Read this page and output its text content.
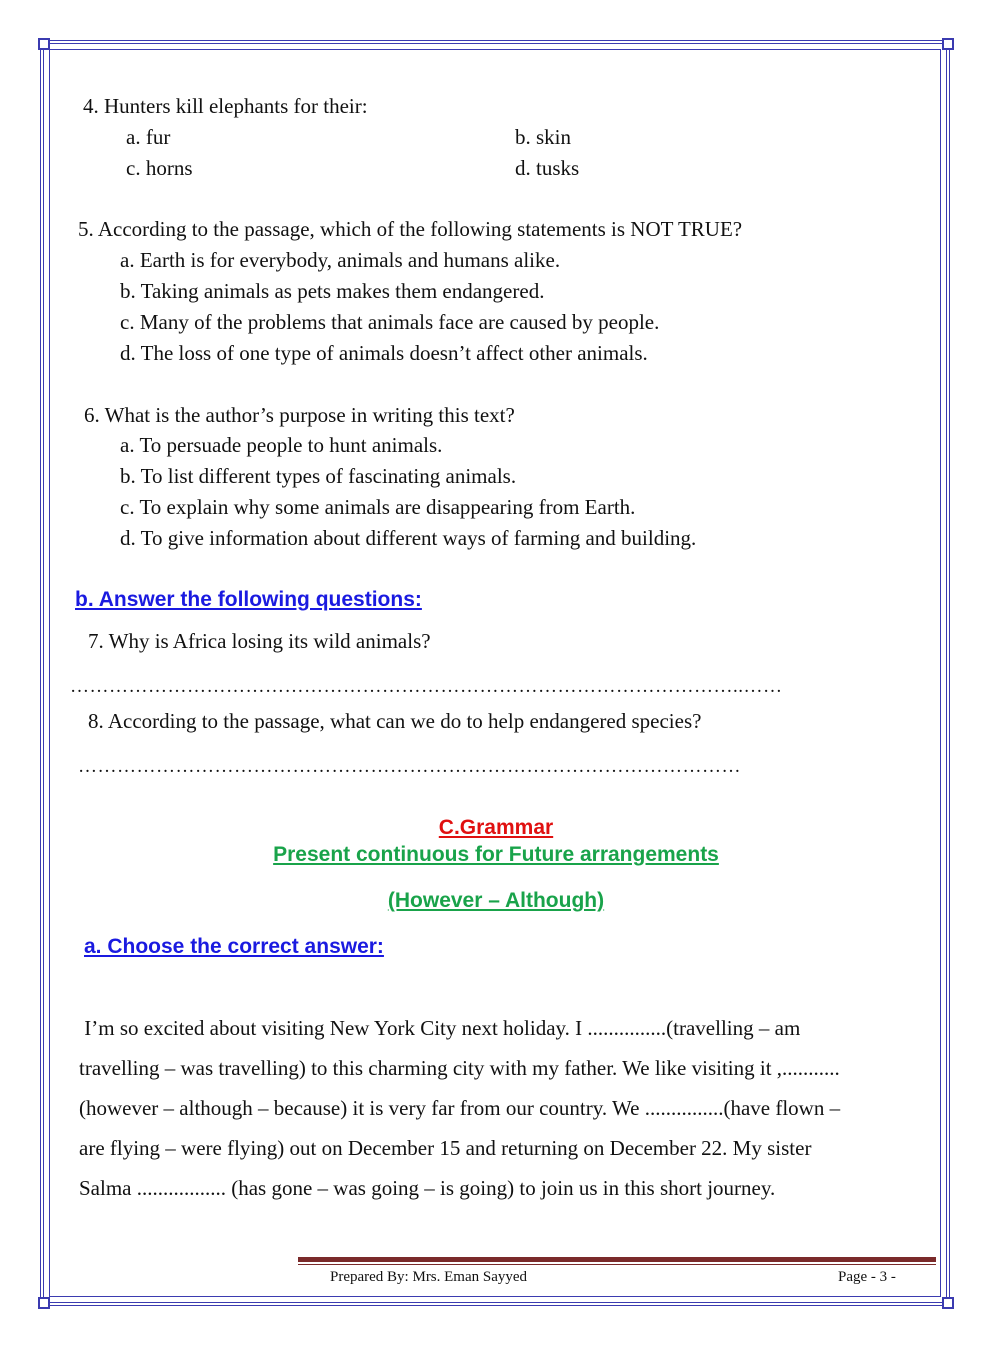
4. Hunters kill elephants for their:
a. fur	b. skin
c. horns	d. tusks
5. According to the passage, which of the following statements is NOT TRUE?
a. Earth is for everybody, animals and humans alike.
b. Taking animals as pets makes them endangered.
c. Many of the problems that animals face are caused by people.
d. The loss of one type of animals doesn’t affect other animals.
6. What is the author’s purpose in writing this text?
a. To persuade people to hunt animals.
b. To list different types of fascinating animals.
c. To explain why some animals are disappearing from Earth.
d. To give information about different ways of farming and building.
b. Answer the following questions:
7. Why is Africa losing its wild animals?
…………………………………………………………………………………………..……
8. According to the passage, what can we do to help endangered species?
…………………………………………………………………………………………
C.Grammar
Present continuous for Future arrangements
(However – Although)
a. Choose the correct answer:

I’m so excited about visiting New York City next holiday. I ...............(travelling – am

travelling – was travelling) to this charming city with my father. We like visiting it ,...........

(however – although – because) it is very far from our country. We ...............(have flown –

are flying – were flying) out on December 15 and returning on December 22. My sister

Salma ................. (has gone – was going – is going) to join us in this short journey.

Prepared By: Mrs. Eman Sayyed	Page - 3 -
